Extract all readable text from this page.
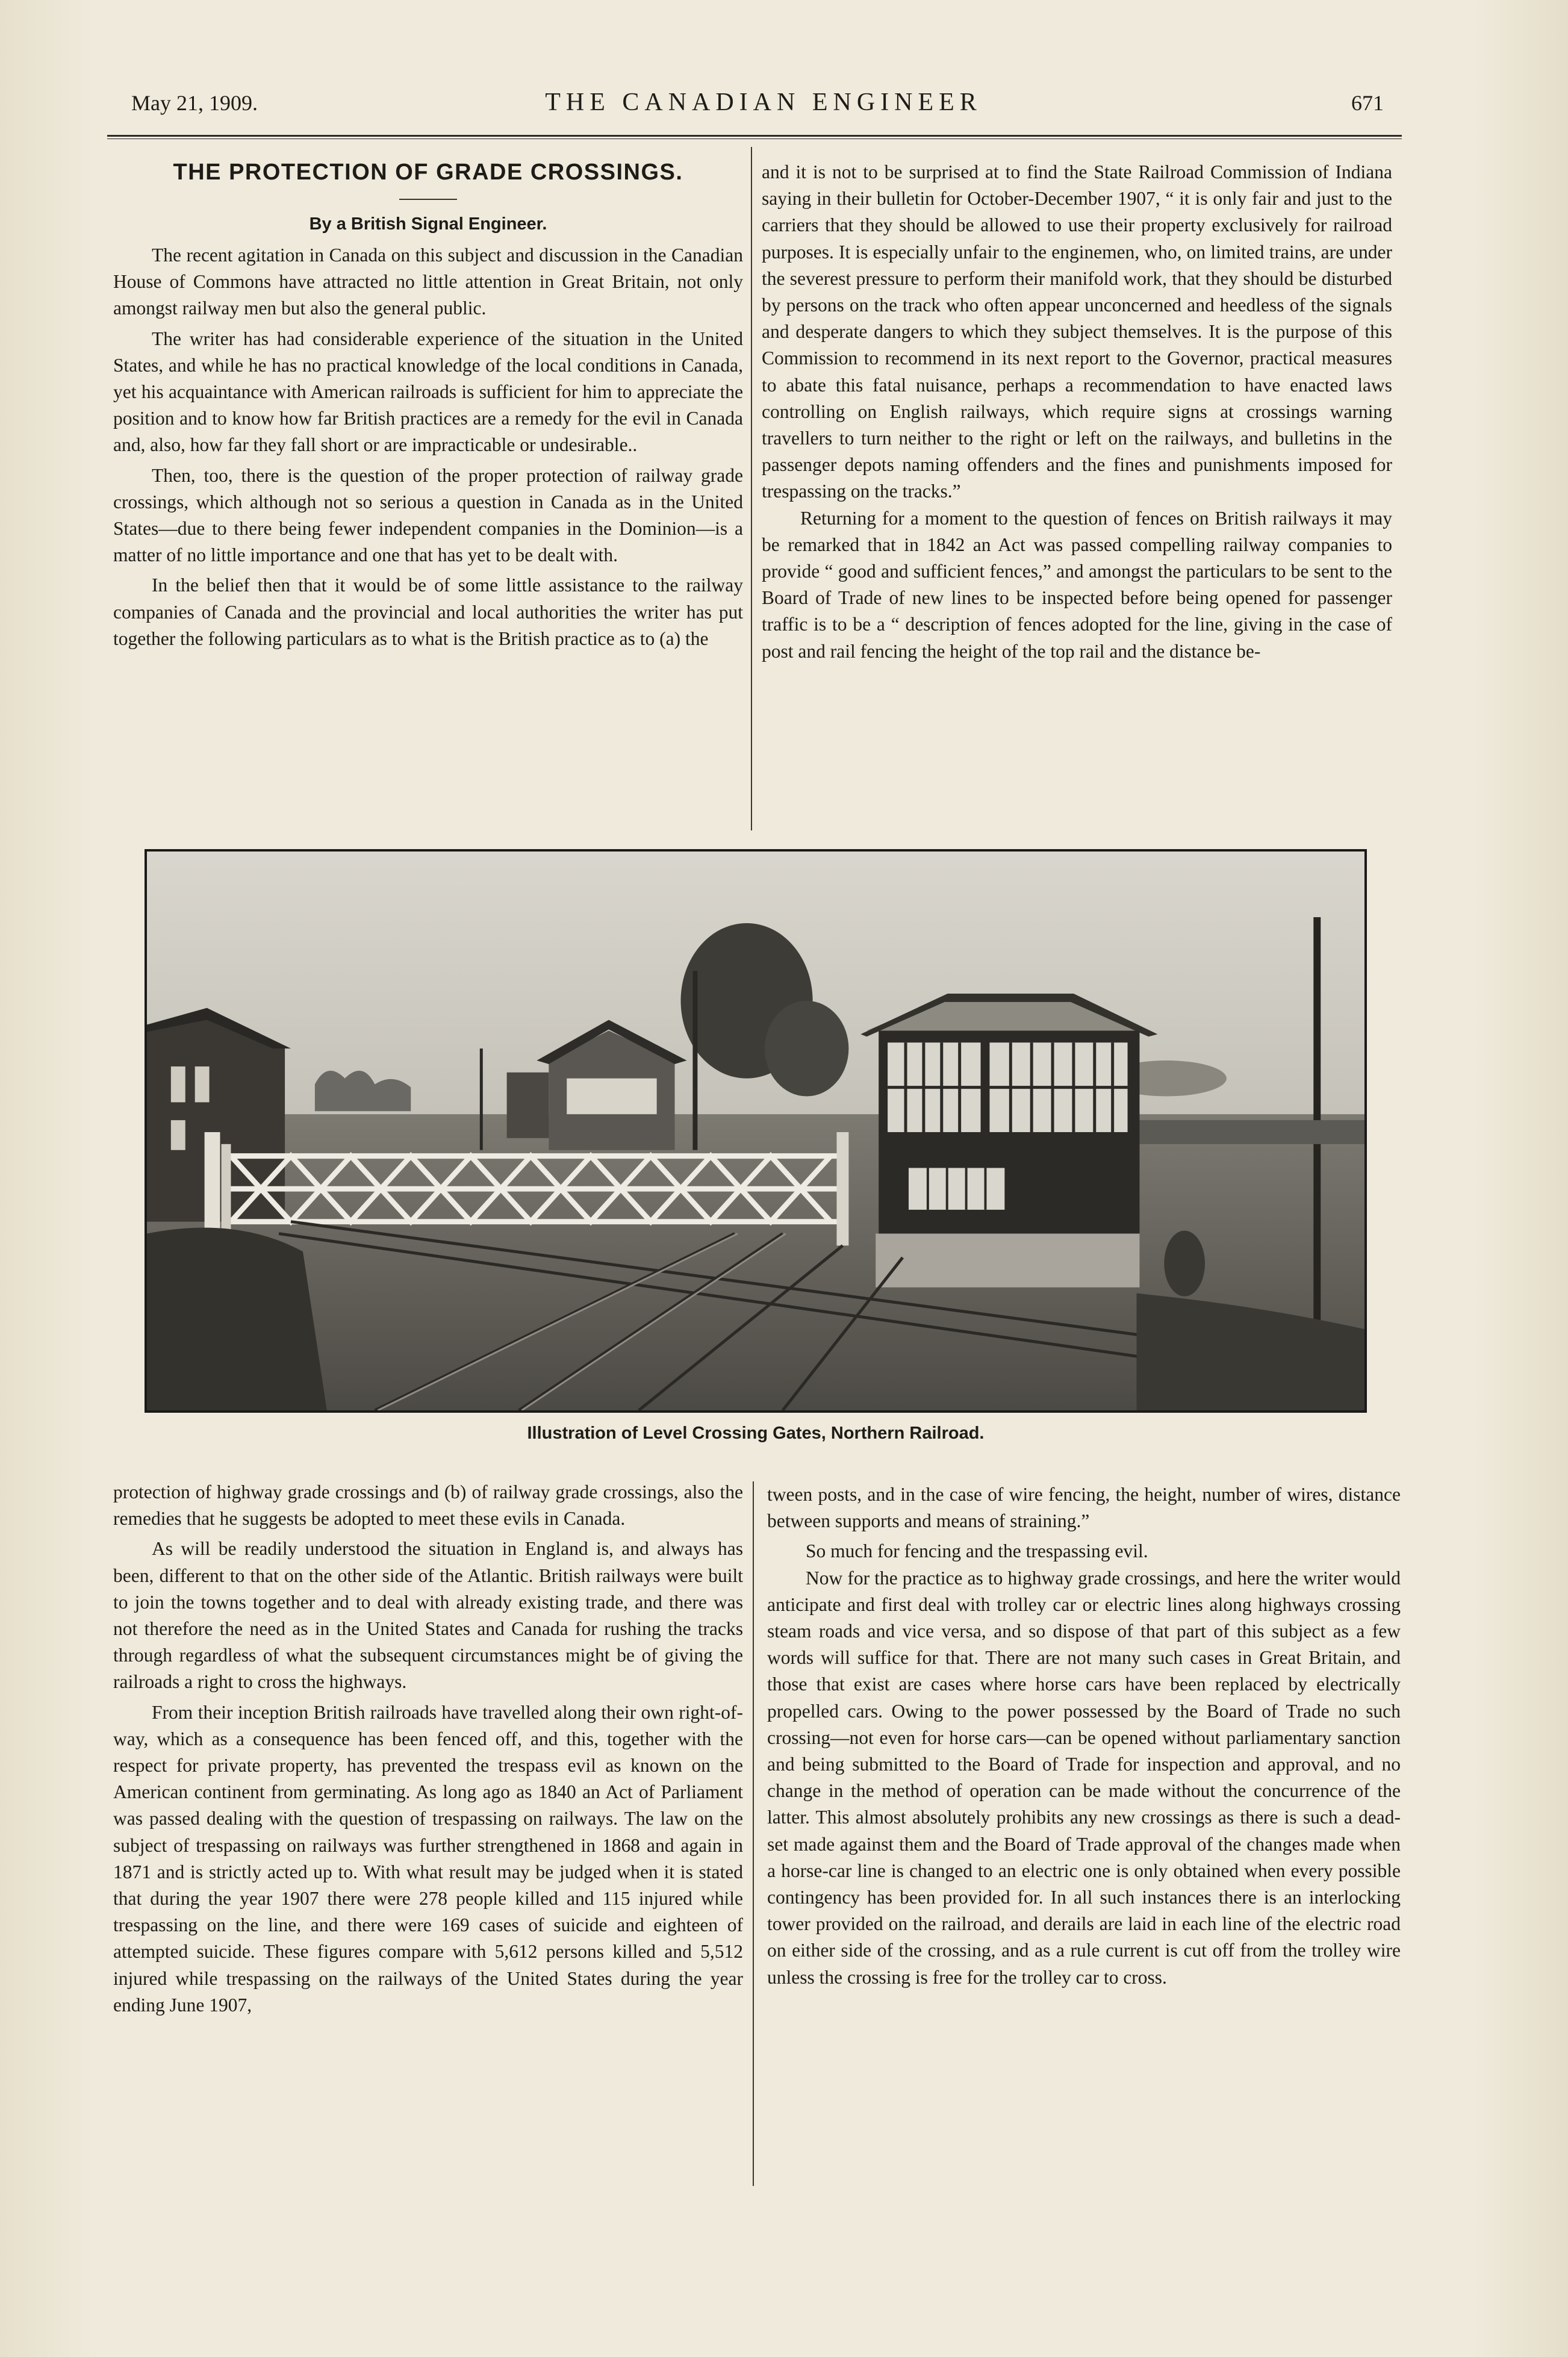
May 21, 1909.	THE CANADIAN ENGINEER	671
THE PROTECTION OF GRADE CROSSINGS.
By a British Signal Engineer.

The recent agitation in Canada on this subject and discussion in the Canadian House of Commons have attracted no little attention in Great Britain, not only amongst railway men but also the general public.

The writer has had considerable experience of the situation in the United States, and while he has no practical knowledge of the local conditions in Canada, yet his acquaintance with American railroads is sufficient for him to appreciate the position and to know how far British practices are a remedy for the evil in Canada and, also, how far they fall short or are impracticable or undesirable..

Then, too, there is the question of the proper protection of railway grade crossings, which although not so serious a question in Canada as in the United States—due to there being fewer independent companies in the Dominion—is a matter of no little importance and one that has yet to be dealt with.

In the belief then that it would be of some little assistance to the railway companies of Canada and the provincial and local authorities the writer has put together the following particulars as to what is the British practice as to (a) the

and it is not to be surprised at to find the State Railroad Commission of Indiana saying in their bulletin for October-December 1907, “ it is only fair and just to the carriers that they should be allowed to use their property exclusively for railroad purposes. It is especially unfair to the enginemen, who, on limited trains, are under the severest pressure to perform their manifold work, that they should be disturbed by persons on the track who often appear unconcerned and heedless of the signals and desperate dangers to which they subject themselves. It is the purpose of this Commission to recommend in its next report to the Governor, practical measures to abate this fatal nuisance, perhaps a recommendation to have enacted laws controlling on English railways, which require signs at crossings warning travellers to turn neither to the right or left on the railways, and bulletins in the passenger depots naming offenders and the fines and punishments imposed for trespassing on the tracks.”

Returning for a moment to the question of fences on British railways it may be remarked that in 1842 an Act was passed compelling railway companies to provide “ good and sufficient fences,” and amongst the particulars to be sent to the Board of Trade of new lines to be inspected before being opened for passenger traffic is to be a “ description of fences adopted for the line, giving in the case of post and rail fencing the height of the top rail and the distance be-

Illustration of Level Crossing Gates, Northern Railroad.

protection of highway grade crossings and (b) of railway grade crossings, also the remedies that he suggests be adopted to meet these evils in Canada.

As will be readily understood the situation in England is, and always has been, different to that on the other side of the Atlantic. British railways were built to join the towns together and to deal with already existing trade, and there was not therefore the need as in the United States and Canada for rushing the tracks through regardless of what the subsequent circumstances might be of giving the railroads a right to cross the highways.

From their inception British railroads have travelled along their own right-of-way, which as a consequence has been fenced off, and this, together with the respect for private property, has prevented the trespass evil as known on the American continent from germinating. As long ago as 1840 an Act of Parliament was passed dealing with the question of trespassing on railways. The law on the subject of trespassing on railways was further strengthened in 1868 and again in 1871 and is strictly acted up to. With what result may be judged when it is stated that during the year 1907 there were 278 people killed and 115 injured while trespassing on the line, and there were 169 cases of suicide and eighteen of attempted suicide. These figures compare with 5,612 persons killed and 5,512 injured while trespassing on the railways of the United States during the year ending June 1907,

tween posts, and in the case of wire fencing, the height, number of wires, distance between supports and means of straining.”

So much for fencing and the trespassing evil.

Now for the practice as to highway grade crossings, and here the writer would anticipate and first deal with trolley car or electric lines along highways crossing steam roads and vice versa, and so dispose of that part of this subject as a few words will suffice for that. There are not many such cases in Great Britain, and those that exist are cases where horse cars have been replaced by electrically propelled cars. Owing to the power possessed by the Board of Trade no such crossing—not even for horse cars—can be opened without parliamentary sanction and being submitted to the Board of Trade for inspection and approval, and no change in the method of operation can be made without the concurrence of the latter. This almost absolutely prohibits any new crossings as there is such a dead-set made against them and the Board of Trade approval of the changes made when a horse-car line is changed to an electric one is only obtained when every possible contingency has been provided for. In all such instances there is an interlocking tower provided on the railroad, and derails are laid in each line of the electric road on either side of the crossing, and as a rule current is cut off from the trolley wire unless the crossing is free for the trolley car to cross.
